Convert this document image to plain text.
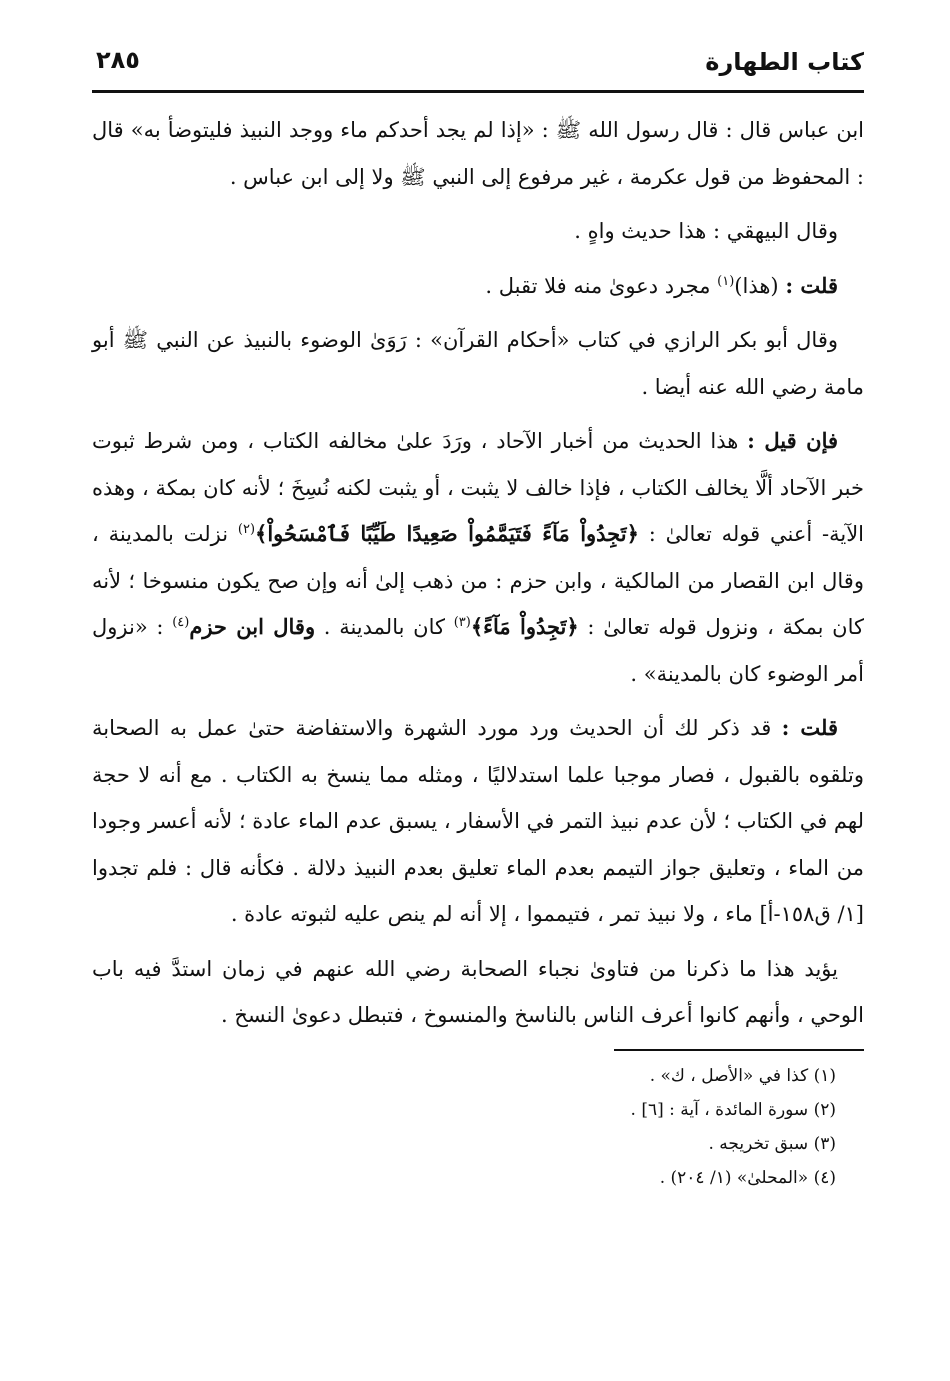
كتاب الطهارة
٢٨٥

ابن عباس قال : قال رسول الله ﷺ : «إذا لم يجد أحدكم ماء ووجد النبيذ فليتوضأ به» قال : المحفوظ من قول عكرمة ، غير مرفوع إلى النبي ﷺ ولا إلى ابن عباس .

وقال البيهقي : هذا حديث واهٍ .

قلت : (هذا)$^{(١)}$ مجرد دعوىٰ منه فلا تقبل .

وقال أبو بكر الرازي في كتاب «أحكام القرآن» : رَوَىٰ الوضوء بالنبيذ عن النبي ﷺ أبو مامة رضي الله عنه أيضا .

فإن قيل : هذا الحديث من أخبار الآحاد ، ورَدَ علىٰ مخالفه الكتاب ، ومن شرط ثبوت خبر الآحاد ألَّا يخالف الكتاب ، فإذا خالف لا يثبت ، أو يثبت لكنه نُسِخَ ؛ لأنه كان بمكة ، وهذه الآية- أعني قوله تعالىٰ : ﴿تَجِدُواْ مَآءً فَتَيَمَّمُواْ صَعِيدًا طَيِّبًا فَٱمْسَحُواْ﴾$^{(٢)}$ نزلت بالمدينة ، وقال ابن القصار من المالكية ، وابن حزم : من ذهب إلىٰ أنه وإن صح يكون منسوخا ؛ لأنه كان بمكة ، ونزول قوله تعالىٰ : ﴿تَجِدُواْ مَآءً﴾$^{(٣)}$ كان بالمدينة . وقال ابن حزم$^{(٤)}$ : «نزول أمر الوضوء كان بالمدينة» .

قلت : قد ذكر لك أن الحديث ورد مورد الشهرة والاستفاضة حتىٰ عمل به الصحابة وتلقوه بالقبول ، فصار موجبا علما استدلاليًا ، ومثله مما ينسخ به الكتاب . مع أنه لا حجة لهم في الكتاب ؛ لأن عدم نبيذ التمر في الأسفار ، يسبق عدم الماء عادة ؛ لأنه أعسر وجودا من الماء ، وتعليق جواز التيمم بعدم الماء تعليق بعدم النبيذ دلالة . فكأنه قال : فلم تجدوا [١/ ق١٥٨-أ] ماء ، ولا نبيذ تمر ، فتيمموا ، إلا أنه لم ينص عليه لثبوته عادة .

يؤيد هذا ما ذكرنا من فتاوىٰ نجباء الصحابة رضي الله عنهم في زمان استدَّ فيه باب الوحي ، وأنهم كانوا أعرف الناس بالناسخ والمنسوخ ، فتبطل دعوىٰ النسخ .

(١) كذا في «الأصل ، ك» .
(٢) سورة المائدة ، آية : [٦] .
(٣) سبق تخريجه .
(٤) «المحلىٰ» (١/ ٢٠٤) .
